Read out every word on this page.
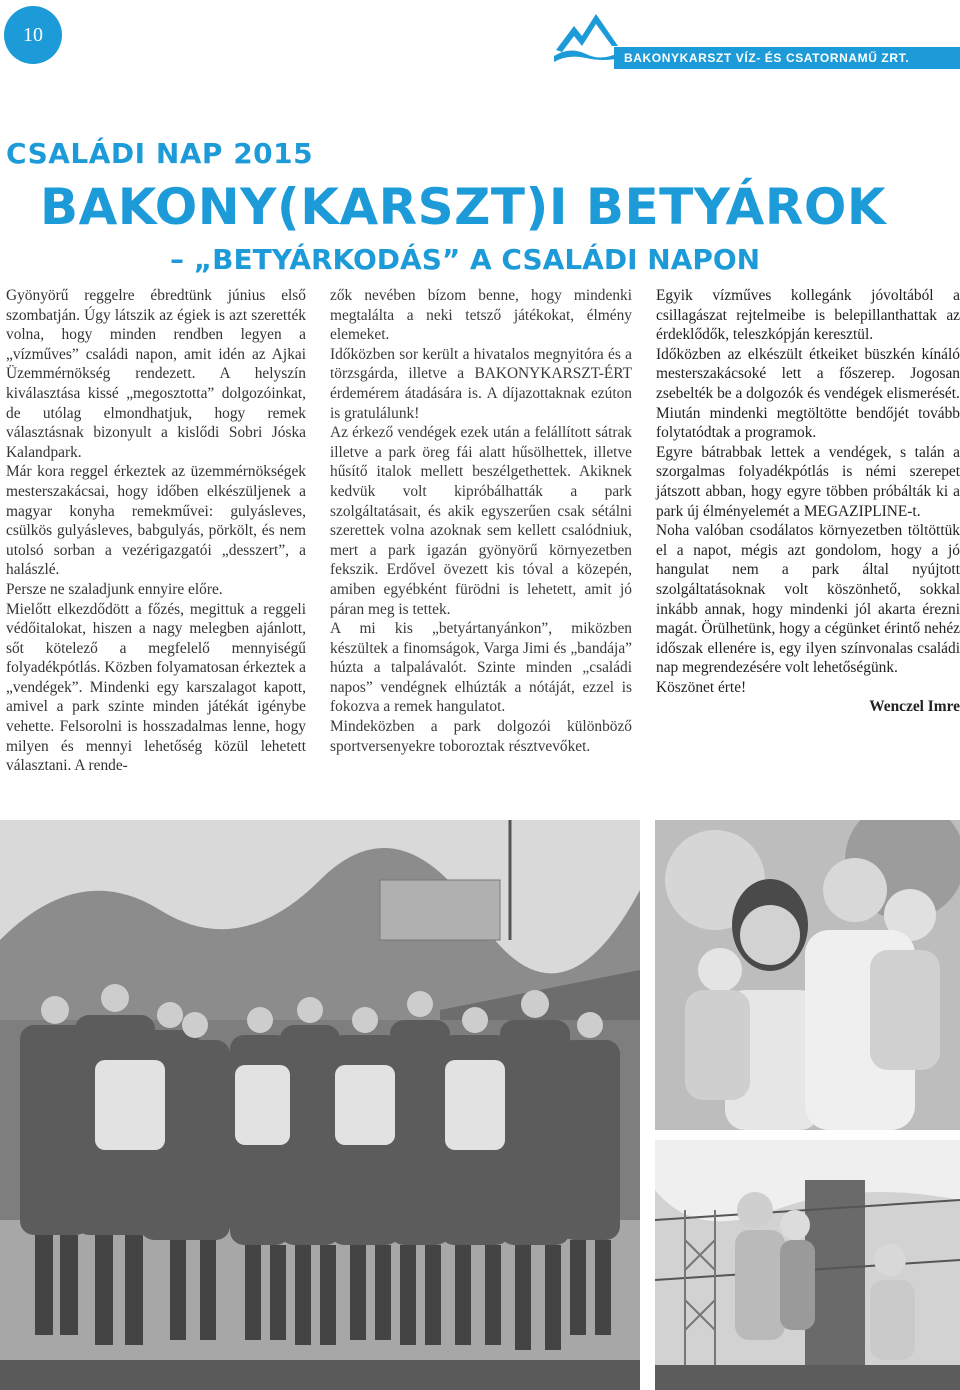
10
BAKONYKARSZT VÍZ- ÉS CSATORNAMŰ ZRT.
CSALÁDI NAP 2015
BAKONY(KARSZT)I BETYÁROK
– „BETYÁRKODÁS” A CSALÁDI NAPON

Gyönyörű reggelre ébredtünk június első szombatján. Úgy látszik az égiek is azt szerették volna, hogy minden rendben legyen a „vízműves” családi napon, amit idén az Ajkai Üzemmérnökség rendezett. A helyszín kiválasztása kissé „megosztotta” dolgozóinkat, de utólag elmondhatjuk, hogy remek választásnak bizonyult a kislődi Sobri Jóska Kalandpark.

Már kora reggel érkeztek az üzemmérnökségek mesterszakácsai, hogy időben elkészüljenek a magyar konyha remekművei: gulyásleves, csülkös gulyásleves, babgulyás, pörkölt, és nem utolsó sorban a vezérigazgatói „desszert”, a halászlé.

Persze ne szaladjunk ennyire előre.

Mielőtt elkezdődött a főzés, megittuk a reggeli védőitalokat, hiszen a nagy melegben ajánlott, sőt kötelező a megfelelő mennyiségű folyadékpótlás. Közben folyamatosan érkeztek a „vendégek”. Mindenki egy karszalagot kapott, amivel a park szinte minden játékát igénybe vehette. Felsorolni is hosszadalmas lenne, hogy milyen és mennyi lehetőség közül lehetett választani. A rende-

zők nevében bízom benne, hogy mindenki megtalálta a neki tetsző játékokat, élmény elemeket.

Időközben sor került a hivatalos megnyitóra és a törzsgárda, illetve a BAKONYKARSZT-ÉRT érdemérem átadására is. A díjazottaknak ezúton is gratulálunk!

Az érkező vendégek ezek után a felállított sátrak illetve a park öreg fái alatt hűsölhettek, illetve hűsítő italok mellett beszélgethettek. Akiknek kedvük volt kipróbálhatták a park szolgáltatásait, és akik egyszerűen csak sétálni szerettek volna azoknak sem kellett csalódniuk, mert a park igazán gyönyörű környezetben fekszik. Erdővel övezett kis tóval a közepén, amiben egyébként fürödni is lehetett, amit jó páran meg is tettek.

A mi kis „betyártanyánkon”, miközben készültek a finomságok, Varga Jimi és „bandája” húzta a talpalávalót. Szinte minden „családi napos” vendégnek elhúzták a nótáját, ezzel is fokozva a remek hangulatot.

Mindeközben a park dolgozói különböző sportversenyekre toboroztak résztvevőket.

Egyik vízműves kollegánk jóvoltából a csillagászat rejtelmeibe is belepillanthattak az érdeklődők, teleszkópján keresztül.

Időközben az elkészült étkeiket büszkén kínáló mesterszakácsoké lett a főszerep. Jogosan zsebelték be a dolgozók és vendégek elismerését.

Miután mindenki megtöltötte bendőjét tovább folytatódtak a programok.

Egyre bátrabbak lettek a vendégek, s talán a szorgalmas folyadékpótlás is némi szerepet játszott abban, hogy egyre többen próbálták ki a park új élményelemét a MEGAZIPLINE-t.

Noha valóban csodálatos környezetben töltöttük el a napot, mégis azt gondolom, hogy a jó hangulat nem a park által nyújtott szolgáltatásoknak volt köszönhető, sokkal inkább annak, hogy mindenki jól akarta érezni magát. Örülhetünk, hogy a cégünket érintő nehéz időszak ellenére is, egy ilyen színvonalas családi nap megrendezésére volt lehetőségünk.

Köszönet érte!

Wenczel Imre
